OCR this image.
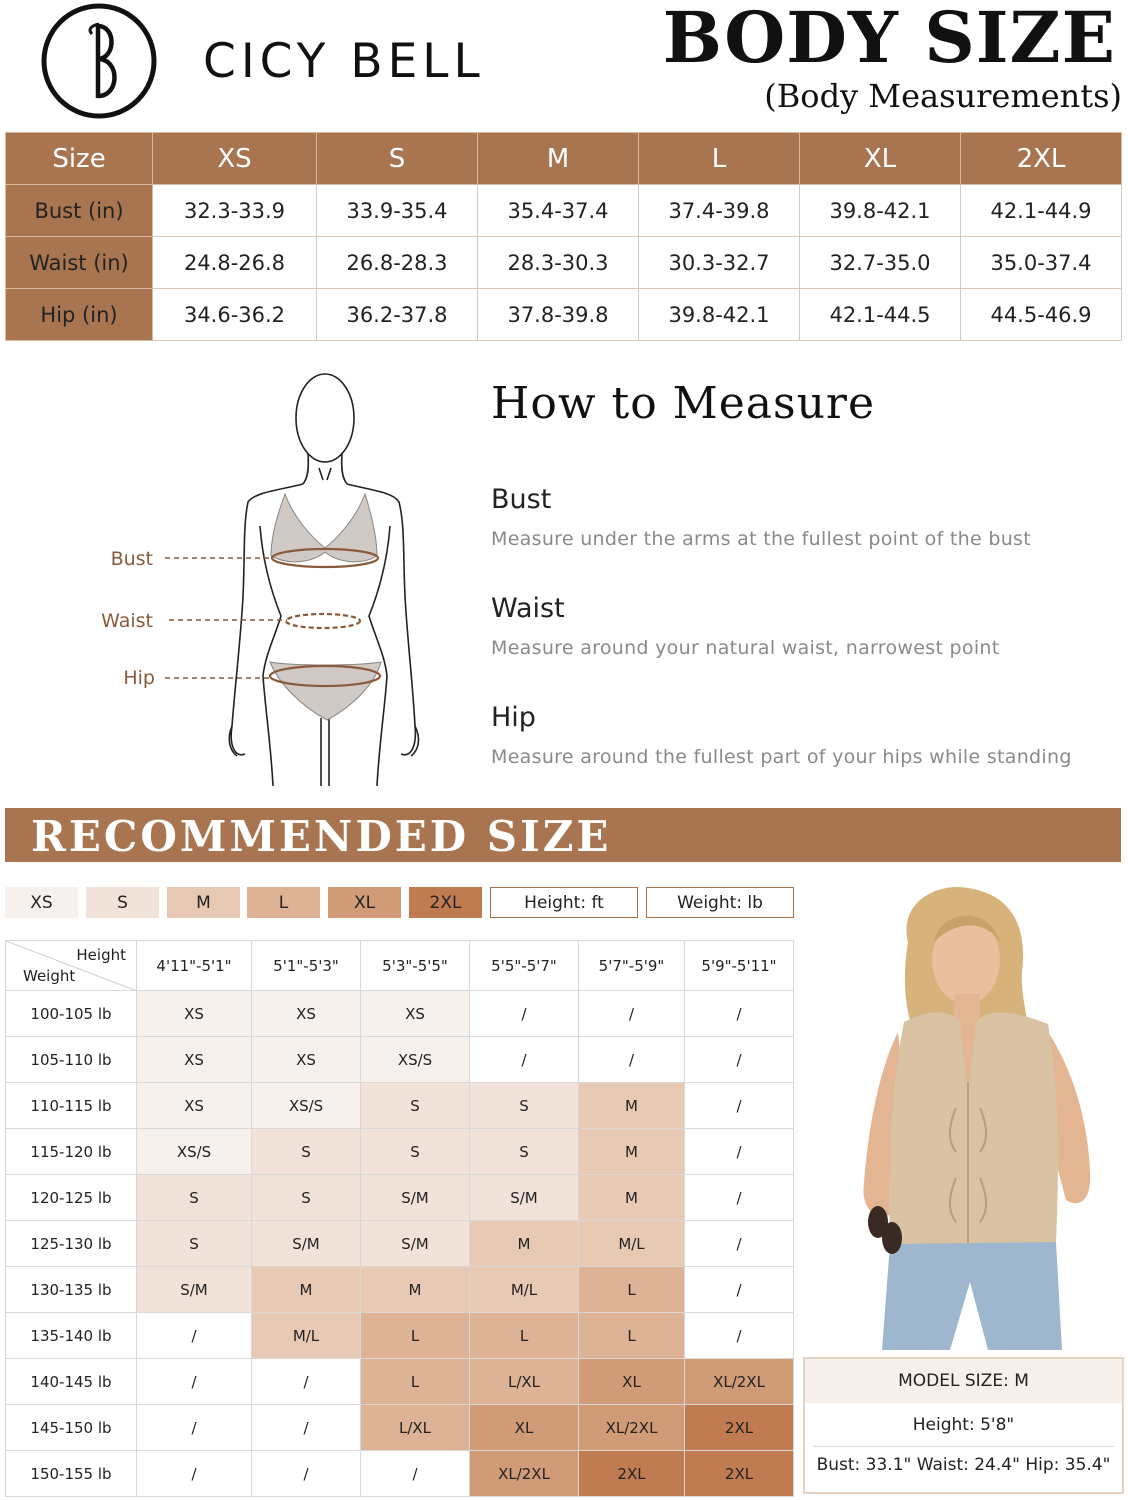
CICY BELL	BODY SIZE
(Body Measurements)
Size	XS	S	M	L	XL	2XL
Bust (in)	32.3-33.9	33.9-35.4	35.4-37.4	37.4-39.8	39.8-42.1	42.1-44.9
Waist (in)	24.8-26.8	26.8-28.3	28.3-30.3	30.3-32.7	32.7-35.0	35.0-37.4
Hip (in)	34.6-36.2	36.2-37.8	37.8-39.8	39.8-42.1	42.1-44.5	44.5-46.9
Bust
Waist
Hip
How to Measure
Bust
Measure under the arms at the fullest point of the bust
Waist
Measure around your natural waist, narrowest point
Hip
Measure around the fullest part of your hips while standing
RECOMMENDED SIZE
XS	S	M	L	XL	2XL	Height: ft	Weight: lb
Height
Weight	4'11"-5'1"	5'1"-5'3"	5'3"-5'5"	5'5"-5'7"	5'7"-5'9"	5'9"-5'11"
100-105 lb	XS	XS	XS	/	/	/
105-110 lb	XS	XS	XS/S	/	/	/
110-115 lb	XS	XS/S	S	S	M	/
115-120 lb	XS/S	S	S	S	M	/
120-125 lb	S	S	S/M	S/M	M	/
125-130 lb	S	S/M	S/M	M	M/L	/
130-135 lb	S/M	M	M	M/L	L	/
135-140 lb	/	M/L	L	L	L	/
140-145 lb	/	/	L	L/XL	XL	XL/2XL
145-150 lb	/	/	L/XL	XL	XL/2XL	2XL
150-155 lb	/	/	/	XL/2XL	2XL	2XL
MODEL SIZE: M
Height: 5'8"
Bust: 33.1" Waist: 24.4" Hip: 35.4"
